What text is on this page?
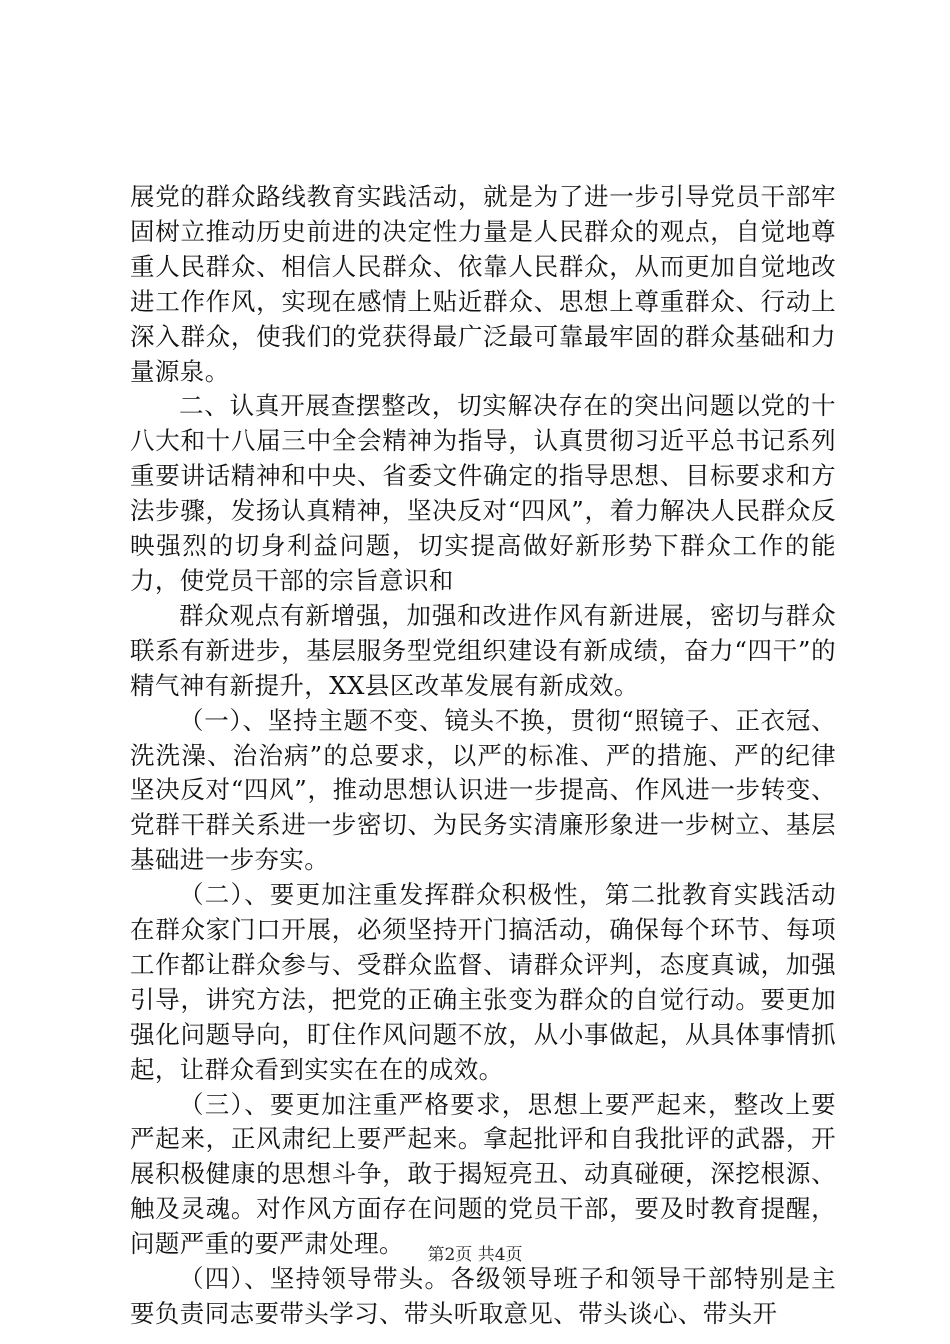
展党的群众路线教育实践活动，就是为了进一步引导党员干部牢固树立推动历史前进的决定性力量是人民群众的观点，自觉地尊重人民群众、相信人民群众、依靠人民群众，从而更加自觉地改进工作作风，实现在感情上贴近群众、思想上尊重群众、行动上深入群众，使我们的党获得最广泛最可靠最牢固的群众基础和力量源泉。

二、认真开展查摆整改，切实解决存在的突出问题以党的十八大和十八届三中全会精神为指导，认真贯彻习近平总书记系列重要讲话精神和中央、省委文件确定的指导思想、目标要求和方法步骤，发扬认真精神，坚决反对“四风”，着力解决人民群众反映强烈的切身利益问题，切实提高做好新形势下群众工作的能力，使党员干部的宗旨意识和

群众观点有新增强，加强和改进作风有新进展，密切与群众联系有新进步，基层服务型党组织建设有新成绩，奋力“四干”的精气神有新提升，XX县区改革发展有新成效。

（一）、坚持主题不变、镜头不换，贯彻“照镜子、正衣冠、洗洗澡、治治病”的总要求，以严的标准、严的措施、严的纪律坚决反对“四风”，推动思想认识进一步提高、作风进一步转变、党群干群关系进一步密切、为民务实清廉形象进一步树立、基层基础进一步夯实。

（二）、要更加注重发挥群众积极性，第二批教育实践活动在群众家门口开展，必须坚持开门搞活动，确保每个环节、每项工作都让群众参与、受群众监督、请群众评判，态度真诚，加强引导，讲究方法，把党的正确主张变为群众的自觉行动。要更加强化问题导向，盯住作风问题不放，从小事做起，从具体事情抓起，让群众看到实实在在的成效。

（三）、要更加注重严格要求，思想上要严起来，整改上要严起来，正风肃纪上要严起来。拿起批评和自我批评的武器，开展积极健康的思想斗争，敢于揭短亮丑、动真碰硬，深挖根源、触及灵魂。对作风方面存在问题的党员干部，要及时教育提醒，问题严重的要严肃处理。

（四）、坚持领导带头。各级领导班子和领导干部特别是主要负责同志要带头学习、带头听取意见、带头谈心、带头开

第2页 共4页
